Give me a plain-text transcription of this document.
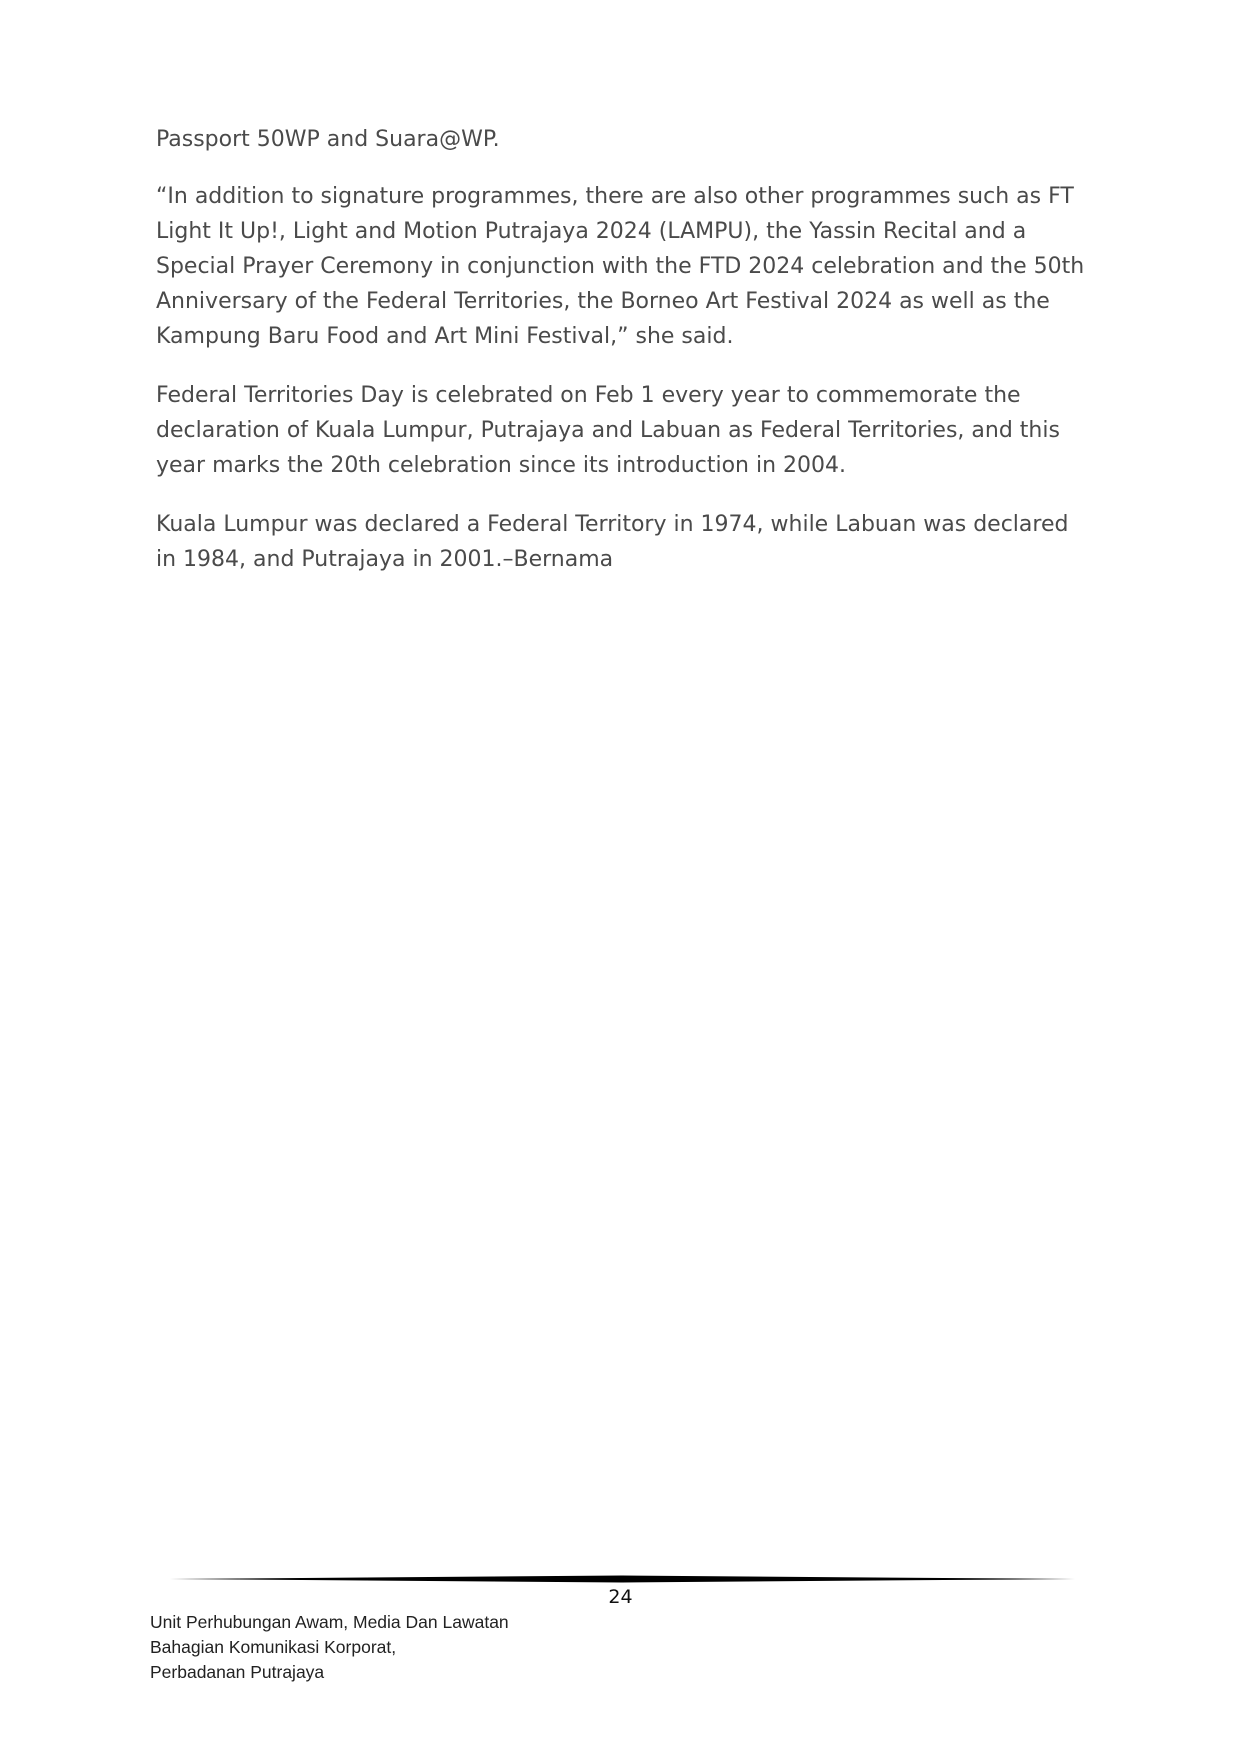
Passport 50WP and Suara@WP.

“In addition to signature programmes, there are also other programmes such as FT Light It Up!, Light and Motion Putrajaya 2024 (LAMPU), the Yassin Recital and a Special Prayer Ceremony in conjunction with the FTD 2024 celebration and the 50th Anniversary of the Federal Territories, the Borneo Art Festival 2024 as well as the Kampung Baru Food and Art Mini Festival,” she said.

Federal Territories Day is celebrated on Feb 1 every year to commemorate the declaration of Kuala Lumpur, Putrajaya and Labuan as Federal Territories, and this year marks the 20th celebration since its introduction in 2004.

Kuala Lumpur was declared a Federal Territory in 1974, while Labuan was declared in 1984, and Putrajaya in 2001.–Bernama

24
Unit Perhubungan Awam, Media Dan Lawatan
Bahagian Komunikasi Korporat,
Perbadanan Putrajaya
